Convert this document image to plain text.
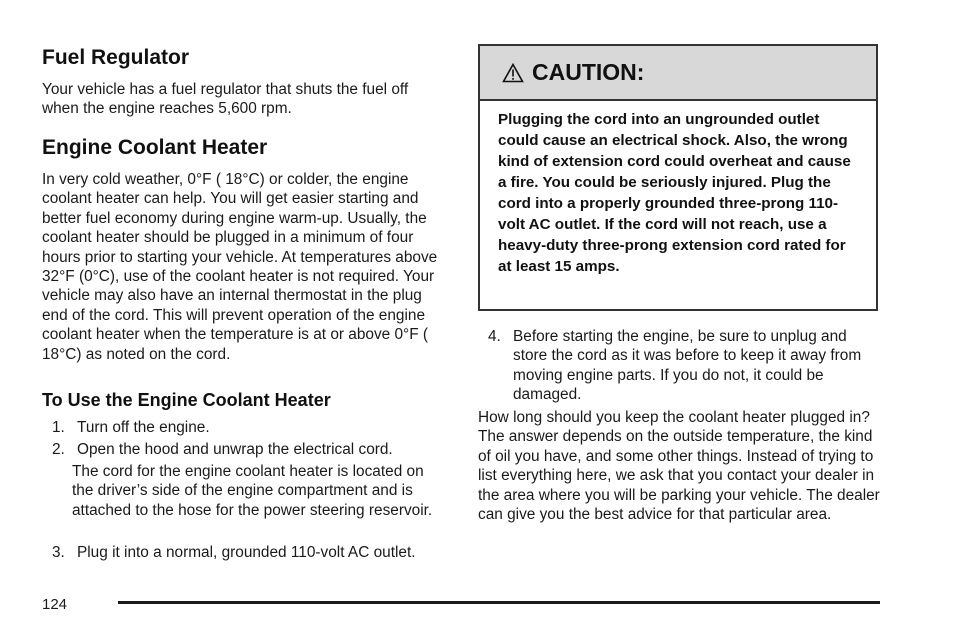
Fuel Regulator

Your vehicle has a fuel regulator that shuts the fuel off when the engine reaches 5,600 rpm.

Engine Coolant Heater

In very cold weather, 0°F ( 18°C) or colder, the engine coolant heater can help. You will get easier starting and better fuel economy during engine warm-up. Usually, the coolant heater should be plugged in a minimum of four hours prior to starting your vehicle. At temperatures above 32°F (0°C), use of the coolant heater is not required. Your vehicle may also have an internal thermostat in the plug end of the cord. This will prevent operation of the engine coolant heater when the temperature is at or above 0°F ( 18°C) as noted on the cord.

To Use the Engine Coolant Heater
1. Turn off the engine.
2. Open the hood and unwrap the electrical cord.

The cord for the engine coolant heater is located on the driver’s side of the engine compartment and is attached to the hose for the power steering reservoir.

3. Plug it into a normal, grounded 110-volt AC outlet.
CAUTION:
Plugging the cord into an ungrounded outlet could cause an electrical shock. Also, the wrong kind of extension cord could overheat and cause a fire. You could be seriously injured. Plug the cord into a properly grounded three-prong 110-volt AC outlet. If the cord will not reach, use a heavy-duty three-prong extension cord rated for at least 15 amps.
4. Before starting the engine, be sure to unplug and store the cord as it was before to keep it away from moving engine parts. If you do not, it could be damaged.

How long should you keep the coolant heater plugged in? The answer depends on the outside temperature, the kind of oil you have, and some other things. Instead of trying to list everything here, we ask that you contact your dealer in the area where you will be parking your vehicle. The dealer can give you the best advice for that particular area.

124
